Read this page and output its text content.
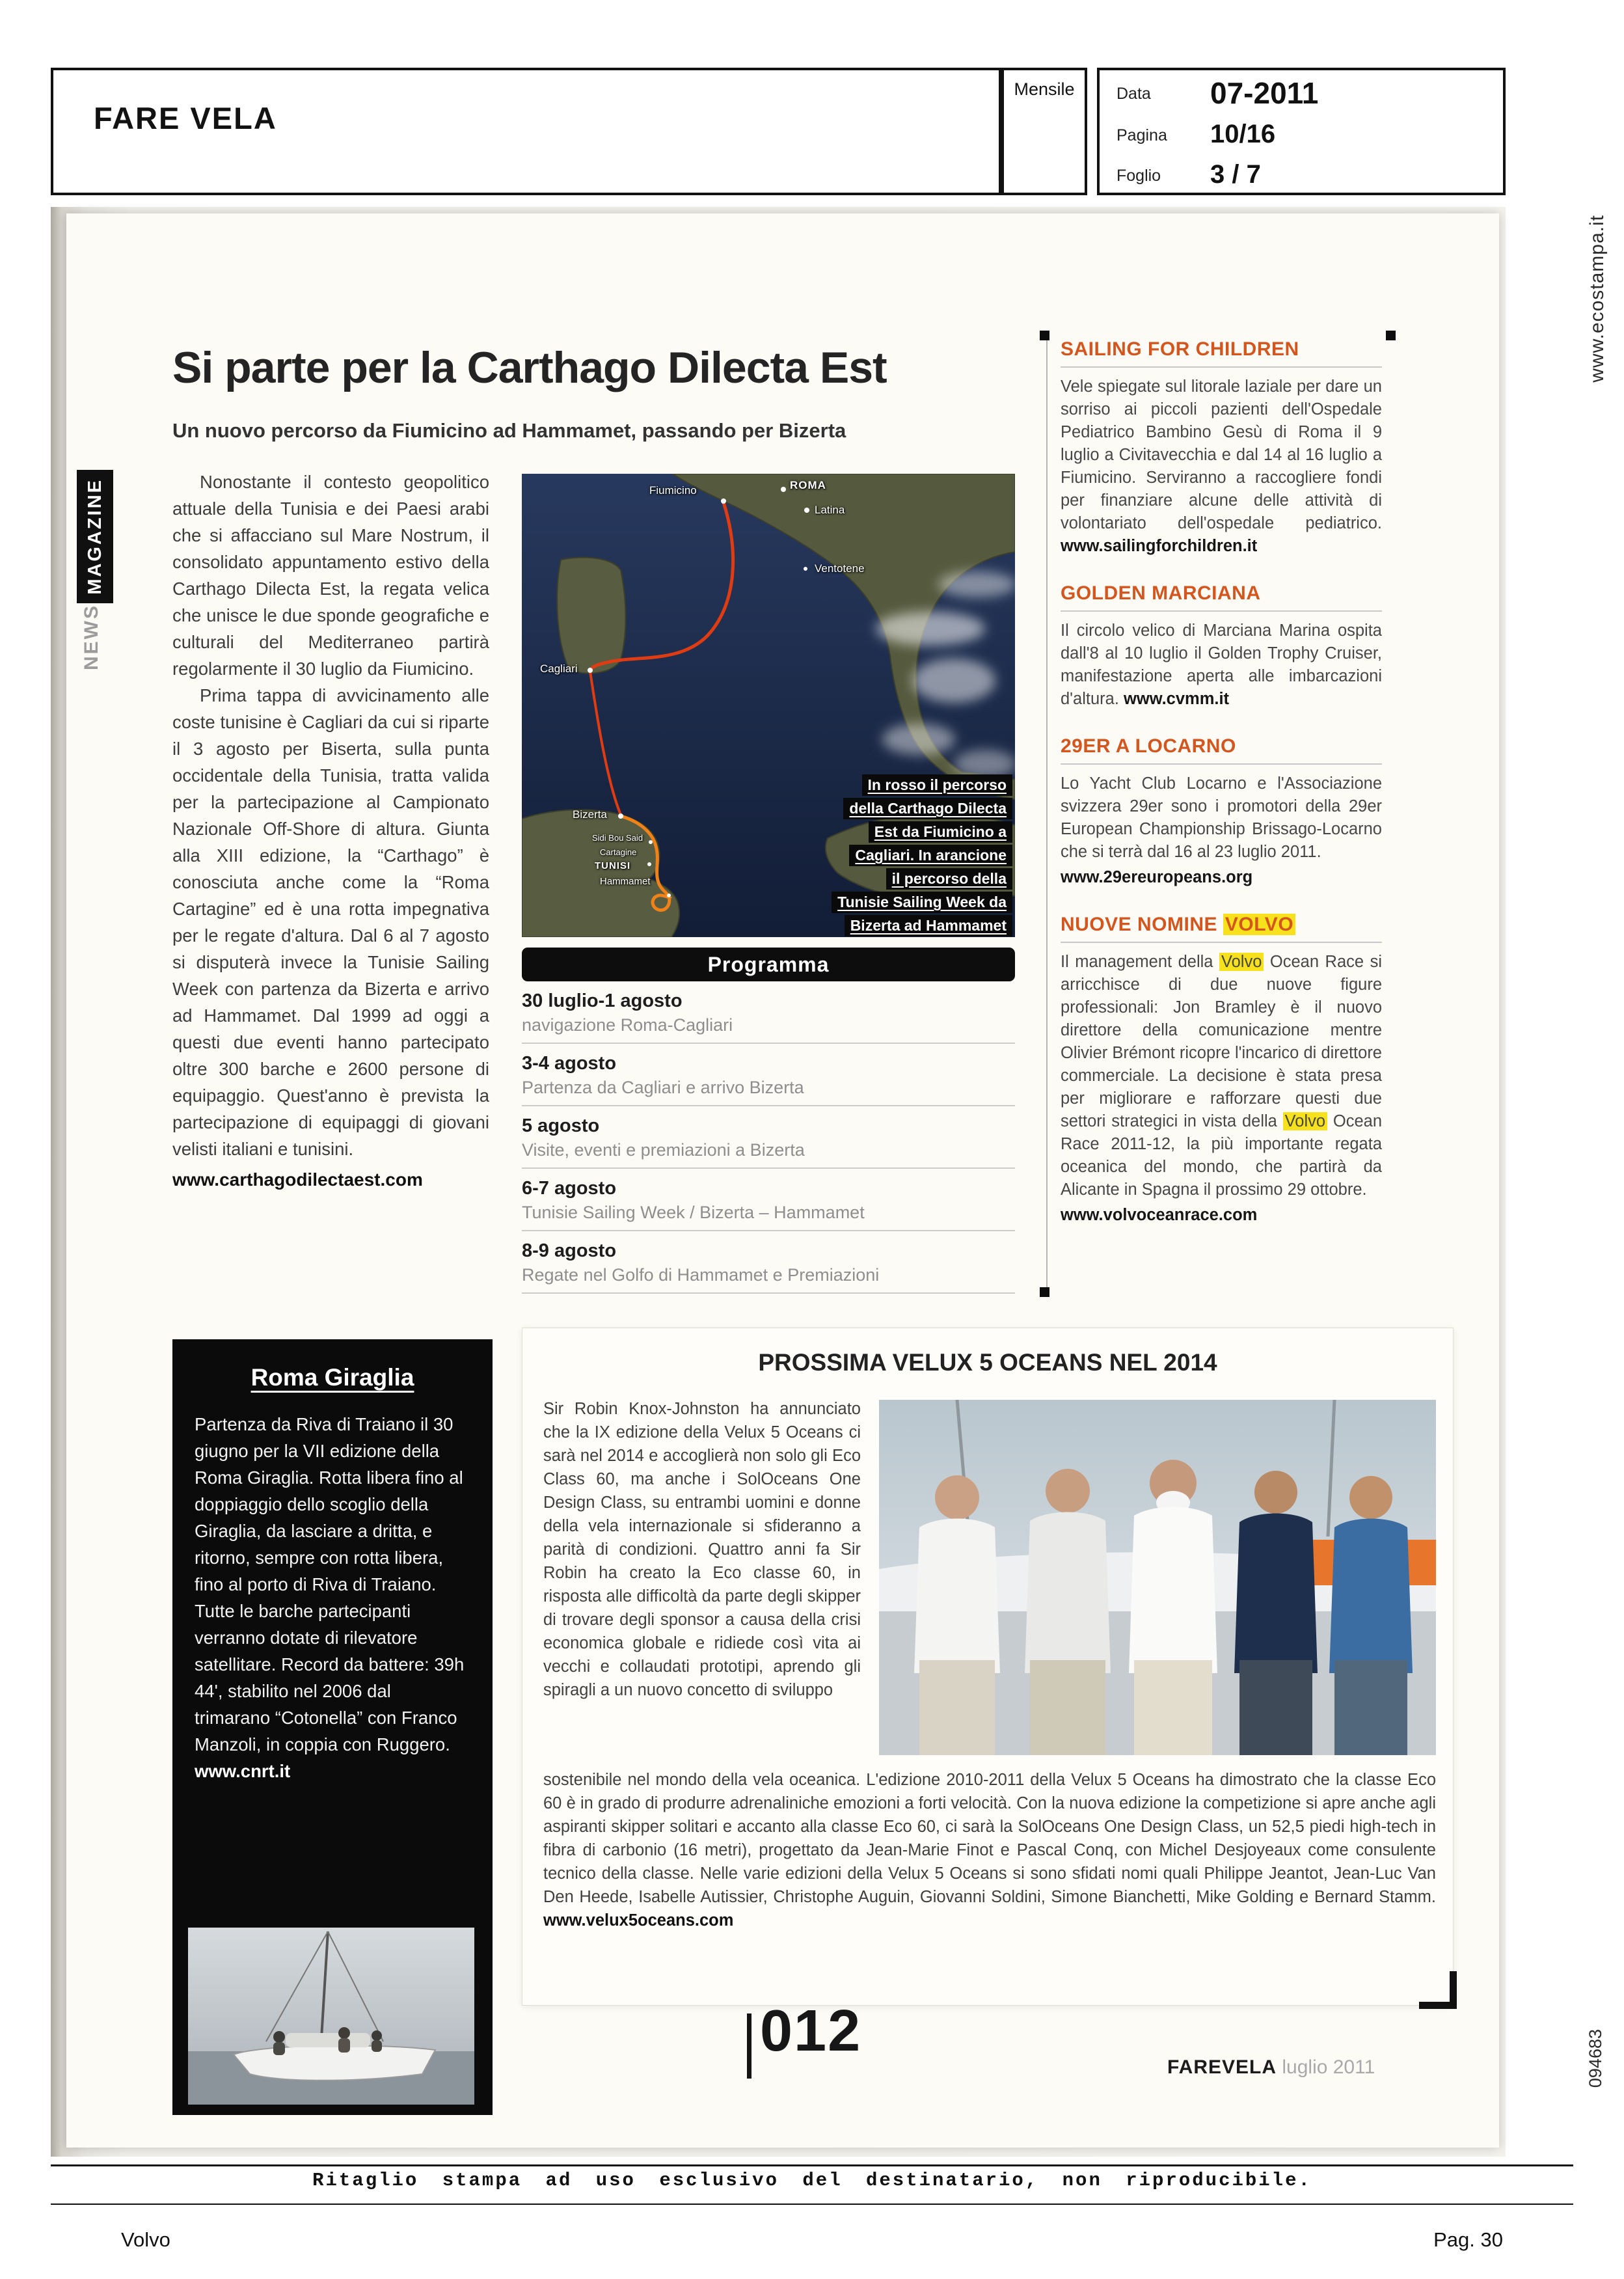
FARE VELA
Mensile	Data 07-2011
Pagina 10/16
Foglio 3 / 7
www.ecostampa.it
094683
MAGAZINE
NEWS
Si parte per la Carthago Dilecta Est
Un nuovo percorso da Fiumicino ad Hammamet, passando per Bizerta

Nonostante il contesto geopolitico attuale della Tunisia e dei Paesi arabi che si affacciano sul Mare Nostrum, il consolidato appuntamento estivo della Carthago Dilecta Est, la regata velica che unisce le due sponde geografiche e culturali del Mediterraneo partirà regolarmente il 30 luglio da Fiumicino.

Prima tappa di avvicinamento alle coste tunisine è Cagliari da cui si riparte il 3 agosto per Biserta, sulla punta occidentale della Tunisia, tratta valida per la partecipazione al Campionato Nazionale Off-Shore di altura. Giunta alla XIII edizione, la “Carthago” è conosciuta anche come la “Roma Cartagine” ed è una rotta impegnativa per le regate d'altura. Dal 6 al 7 agosto si disputerà invece la Tunisie Sailing Week con partenza da Bizerta e arrivo ad Hammamet. Dal 1999 ad oggi a questi due eventi hanno partecipato oltre 300 barche e 2600 persone di equipaggio. Quest'anno è prevista la partecipazione di equipaggi di giovani velisti italiani e tunisini.

www.carthagodilectaest.com

Fiumicino	ROMA
Latina
Ventotene
Cagliari
Bizerta
Sidi Bou Said
Cartagine
TUNISI
Hammamet
In rosso il percorso
della Carthago Dilecta
Est da Fiumicino a
Cagliari. In arancione
il percorso della
Tunisie Sailing Week da
Bizerta ad Hammamet
Programma
30 luglio-1 agosto
navigazione Roma-Cagliari
3-4 agosto
Partenza da Cagliari e arrivo Bizerta
5 agosto
Visite, eventi e premiazioni a Bizerta
6-7 agosto
Tunisie Sailing Week / Bizerta – Hammamet
8-9 agosto
Regate nel Golfo di Hammamet e Premiazioni
SAILING FOR CHILDREN
Vele spiegate sul litorale laziale per dare un sorriso ai piccoli pazienti dell'Ospedale Pediatrico Bambino Gesù di Roma il 9 luglio a Civitavecchia e dal 14 al 16 luglio a Fiumicino. Serviranno a raccogliere fondi per finanziare alcune delle attività di volontariato dell'ospedale pediatrico. www.sailingforchildren.it
GOLDEN MARCIANA
Il circolo velico di Marciana Marina ospita dall'8 al 10 luglio il Golden Trophy Cruiser, manifestazione aperta alle imbarcazioni d'altura. www.cvmm.it
29ER A LOCARNO
Lo Yacht Club Locarno e l'Associazione svizzera 29er sono i promotori della 29er European Championship Brissago-Locarno che si terrà dal 16 al 23 luglio 2011.
www.29ereuropeans.org
NUOVE NOMINE VOLVO
Il management della Volvo Ocean Race si arricchisce di due nuove figure professionali: Jon Bramley è il nuovo direttore della comunicazione mentre Olivier Brémont ricopre l'incarico di direttore commerciale. La decisione è stata presa per migliorare e rafforzare questi due settori strategici in vista della Volvo Ocean Race 2011-12, la più importante regata oceanica del mondo, che partirà da Alicante in Spagna il prossimo 29 ottobre.
www.volvoceanrace.com
Roma Giraglia
Partenza da Riva di Traiano il 30 giugno per la VII edizione della Roma Giraglia. Rotta libera fino al doppiaggio dello scoglio della Giraglia, da lasciare a dritta, e ritorno, sempre con rotta libera, fino al porto di Riva di Traiano. Tutte le barche partecipanti verranno dotate di rilevatore satellitare. Record da battere: 39h 44', stabilito nel 2006 dal trimarano “Cotonella” con Franco Manzoli, in coppia con Ruggero. www.cnrt.it
PROSSIMA VELUX 5 OCEANS NEL 2014
Sir Robin Knox-Johnston ha annunciato che la IX edizione della Velux 5 Oceans ci sarà nel 2014 e accoglierà non solo gli Eco Class 60, ma anche i SolOceans One Design Class, su entrambi uomini e donne della vela internazionale si sfideranno a parità di condizioni. Quattro anni fa Sir Robin ha creato la Eco classe 60, in risposta alle difficoltà da parte degli skipper di trovare degli sponsor a causa della crisi economica globale e ridiede così vita ai vecchi e collaudati prototipi, aprendo gli spiragli a un nuovo concetto di sviluppo
sostenibile nel mondo della vela oceanica. L'edizione 2010-2011 della Velux 5 Oceans ha dimostrato che la classe Eco 60 è in grado di produrre adrenaliniche emozioni a forti velocità. Con la nuova edizione la competizione si apre anche agli aspiranti skipper solitari e accanto alla classe Eco 60, ci sarà la SolOceans One Design Class, un 52,5 piedi high-tech in fibra di carbonio (16 metri), progettato da Jean-Marie Finot e Pascal Conq, con Michel Desjoyeaux come consulente tecnico della classe. Nelle varie edizioni della Velux 5 Oceans si sono sfidati nomi quali Philippe Jeantot, Jean-Luc Van Den Heede, Isabelle Autissier, Christophe Auguin, Giovanni Soldini, Simone Bianchetti, Mike Golding e Bernard Stamm. www.velux5oceans.com
012
FAREVELA luglio 2011
Ritaglio stampa ad uso esclusivo del destinatario, non riproducibile.
Volvo	Pag. 30
